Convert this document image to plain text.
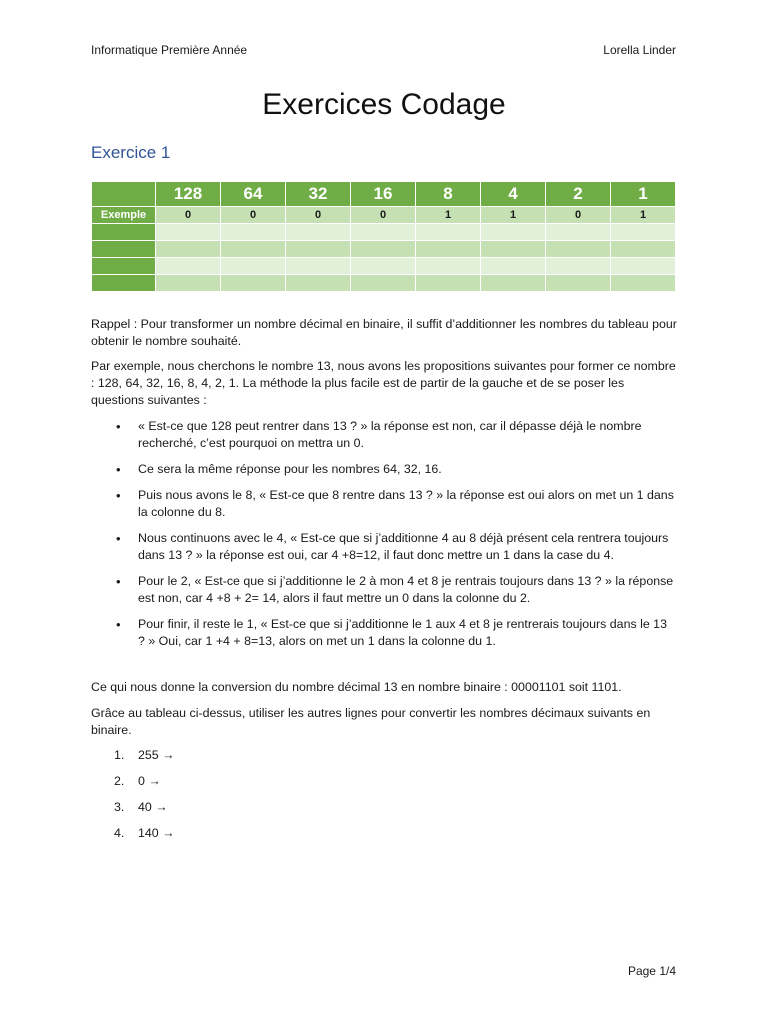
Informatique Première Année	Lorella Linder
Exercices Codage
Exercice 1
	128	64	32	16	8	4	2	1
Exemple	0	0	0	0	1	1	0	1

Rappel : Pour transformer un nombre décimal en binaire, il suffit d’additionner les nombres du tableau pour obtenir le nombre souhaité.

Par exemple, nous cherchons le nombre 13, nous avons les propositions suivantes pour former ce nombre : 128, 64, 32, 16, 8, 4, 2, 1. La méthode la plus facile est de partir de la gauche et de se poser les questions suivantes :

• « Est-ce que 128 peut rentrer dans 13 ? » la réponse est non, car il dépasse déjà le nombre recherché, c’est pourquoi on mettra un 0.
• Ce sera la même réponse pour les nombres 64, 32, 16.
• Puis nous avons le 8, « Est-ce que 8 rentre dans 13 ? » la réponse est oui alors on met un 1 dans la colonne du 8.
• Nous continuons avec le 4, « Est-ce que si j’additionne 4 au 8 déjà présent cela rentrera toujours dans 13 ? » la réponse est oui, car 4 +8=12, il faut donc mettre un 1 dans la case du 4.
• Pour le 2, « Est-ce que si j’additionne le 2 à mon 4 et 8 je rentrais toujours dans 13 ? » la réponse est non, car 4 +8 + 2= 14, alors il faut mettre un 0 dans la colonne du 2.
• Pour finir, il reste le 1, « Est-ce que si j’additionne le 1 aux 4 et 8 je rentrerais toujours dans le 13 ? » Oui, car 1 +4 + 8=13, alors on met un 1 dans la colonne du 1.

Ce qui nous donne la conversion du nombre décimal 13 en nombre binaire : 00001101 soit 1101.

Grâce au tableau ci-dessus, utiliser les autres lignes pour convertir les nombres décimaux suivants en binaire.

1. 255 →
2. 0 →
3. 40 →
4. 140 →
Page 1/4
